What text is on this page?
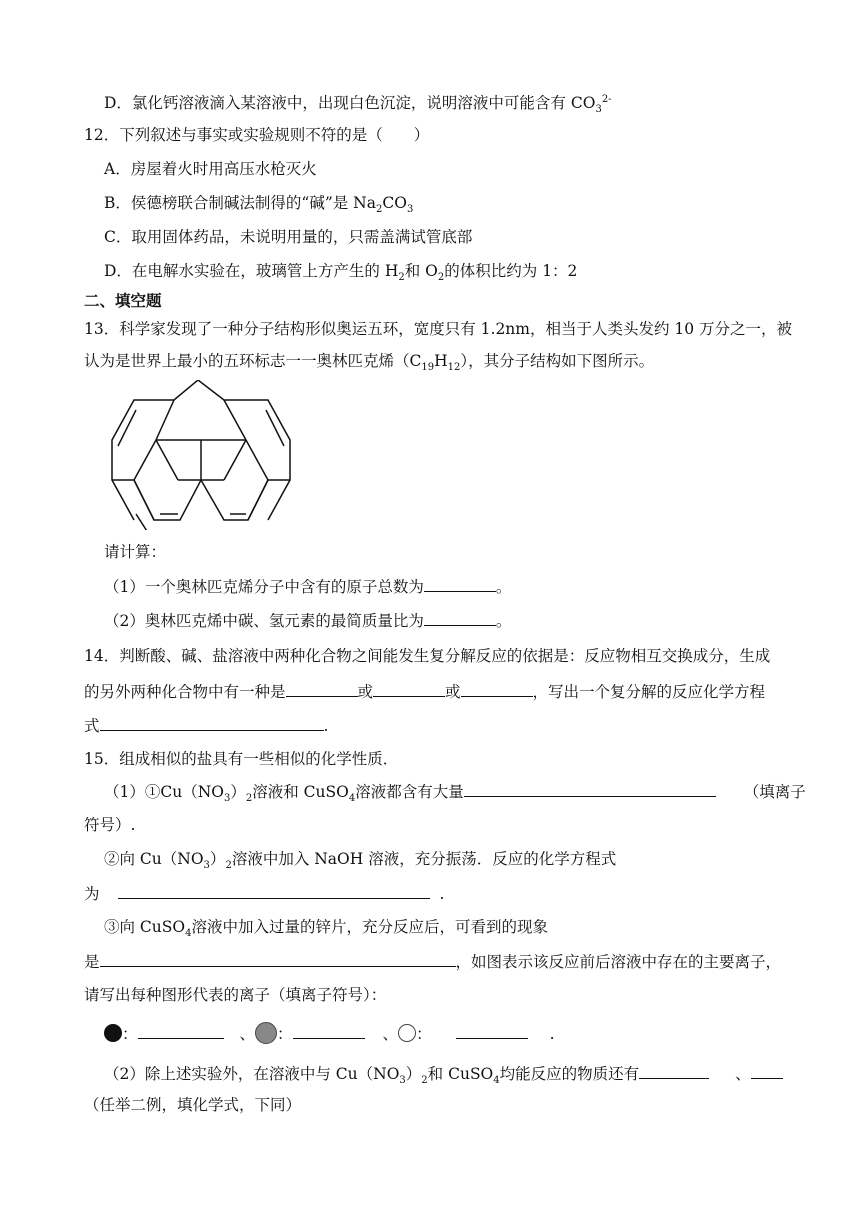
D．氯化钙溶液滴入某溶液中，出现白色沉淀，说明溶液中可能含有 $CO_3^{2-}$
12．下列叙述与事实或实验规则不符的是（　　）
A．房屋着火时用高压水枪灭火
B．侯德榜联合制碱法制得的“碱”是 $Na_2CO_3$
C．取用固体药品，未说明用量的，只需盖满试管底部
D．在电解水实验在，玻璃管上方产生的 $H_2$和 $O_2$的体积比约为 1：2
二、填空题
13．科学家发现了一种分子结构形似奥运五环，宽度只有 1.2nm，相当于人类头发约 10 万分之一，被
认为是世界上最小的五环标志一一奥林匹克烯$(C_{19}H_{12})$，其分子结构如下图所示。
请计算：
（1）一个奥林匹克烯分子中含有的原子总数为	。
（2）奥林匹克烯中碳、氢元素的最简质量比为	。
14．判断酸、碱、盐溶液中两种化合物之间能发生复分解反应的依据是：反应物相互交换成分，生成
的另外两种化合物中有一种是	或	或	，写出一个复分解的反应化学方程
式	.
15．组成相似的盐具有一些相似的化学性质．
$(1)①Cu(NO_3)_2$溶液和 CuSO$_4$溶液都含有大量	（填离子
符号）.
②向 $Cu(NO_3)_2$溶液中加入 NaOH 溶液，充分振荡．反应的化学方程式
为	.
③向 CuSO$_4$溶液中加入过量的锌片，充分反应后，可看到的现象
是	，如图表示该反应前后溶液中存在的主要离子，
请写出每种图形代表的离子（填离子符号）：
：	、 ：	、 ：	.
（2）除上述实验外，在溶液中与 $Cu(NO_3)_2$和 CuSO$_4$均能反应的物质还有	、
（任举二例，填化学式，下同）
